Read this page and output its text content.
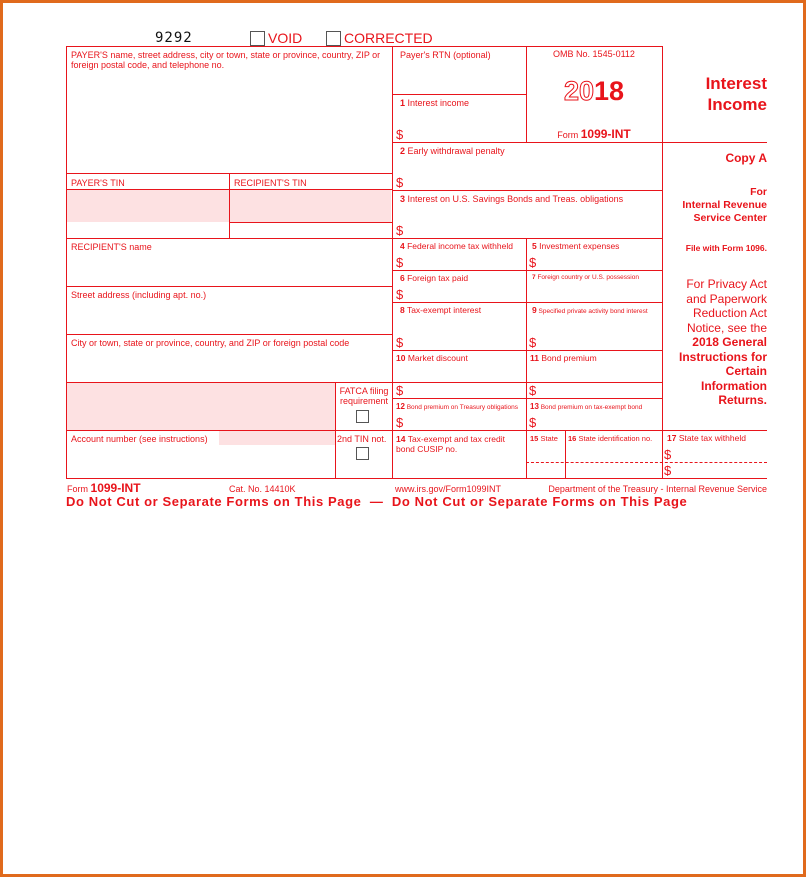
9292	VOID	CORRECTED
PAYER'S name, street address, city or town, state or province, country, ZIP or foreign postal code, and telephone no.
PAYER'S TIN	RECIPIENT'S TIN
RECIPIENT'S name
Street address (including apt. no.)
City or town, state or province, country, and ZIP or foreign postal code
FATCA filing requirement
Account number (see instructions)	2nd TIN not.
Payer's RTN (optional)
1 Interest income
$
OMB No. 1545-0112
2018
Form 1099-INT
Interest
Income
2 Early withdrawal penalty
$
3 Interest on U.S. Savings Bonds and Treas. obligations
$
4 Federal income tax withheld
$
5 Investment expenses
$
6 Foreign tax paid
$
7 Foreign country or U.S. possession
8 Tax-exempt interest
$
9 Specified private activity bond interest
$
10 Market discount
$
11 Bond premium
$
12 Bond premium on Treasury obligations
$
13 Bond premium on tax-exempt bond
$
14 Tax-exempt and tax credit bond CUSIP no.
15 State 16 State identification no. 17 State tax withheld
$
$
Copy A
For
Internal Revenue
Service Center
File with Form 1096.
For Privacy Act
and Paperwork
Reduction Act
Notice, see the
2018 General
Instructions for
Certain
Information
Returns.
Form 1099-INT	Cat. No. 14410K	www.irs.gov/Form1099INT	Department of the Treasury - Internal Revenue Service
Do Not Cut or Separate Forms on This Page  —  Do Not Cut or Separate Forms on This Page
